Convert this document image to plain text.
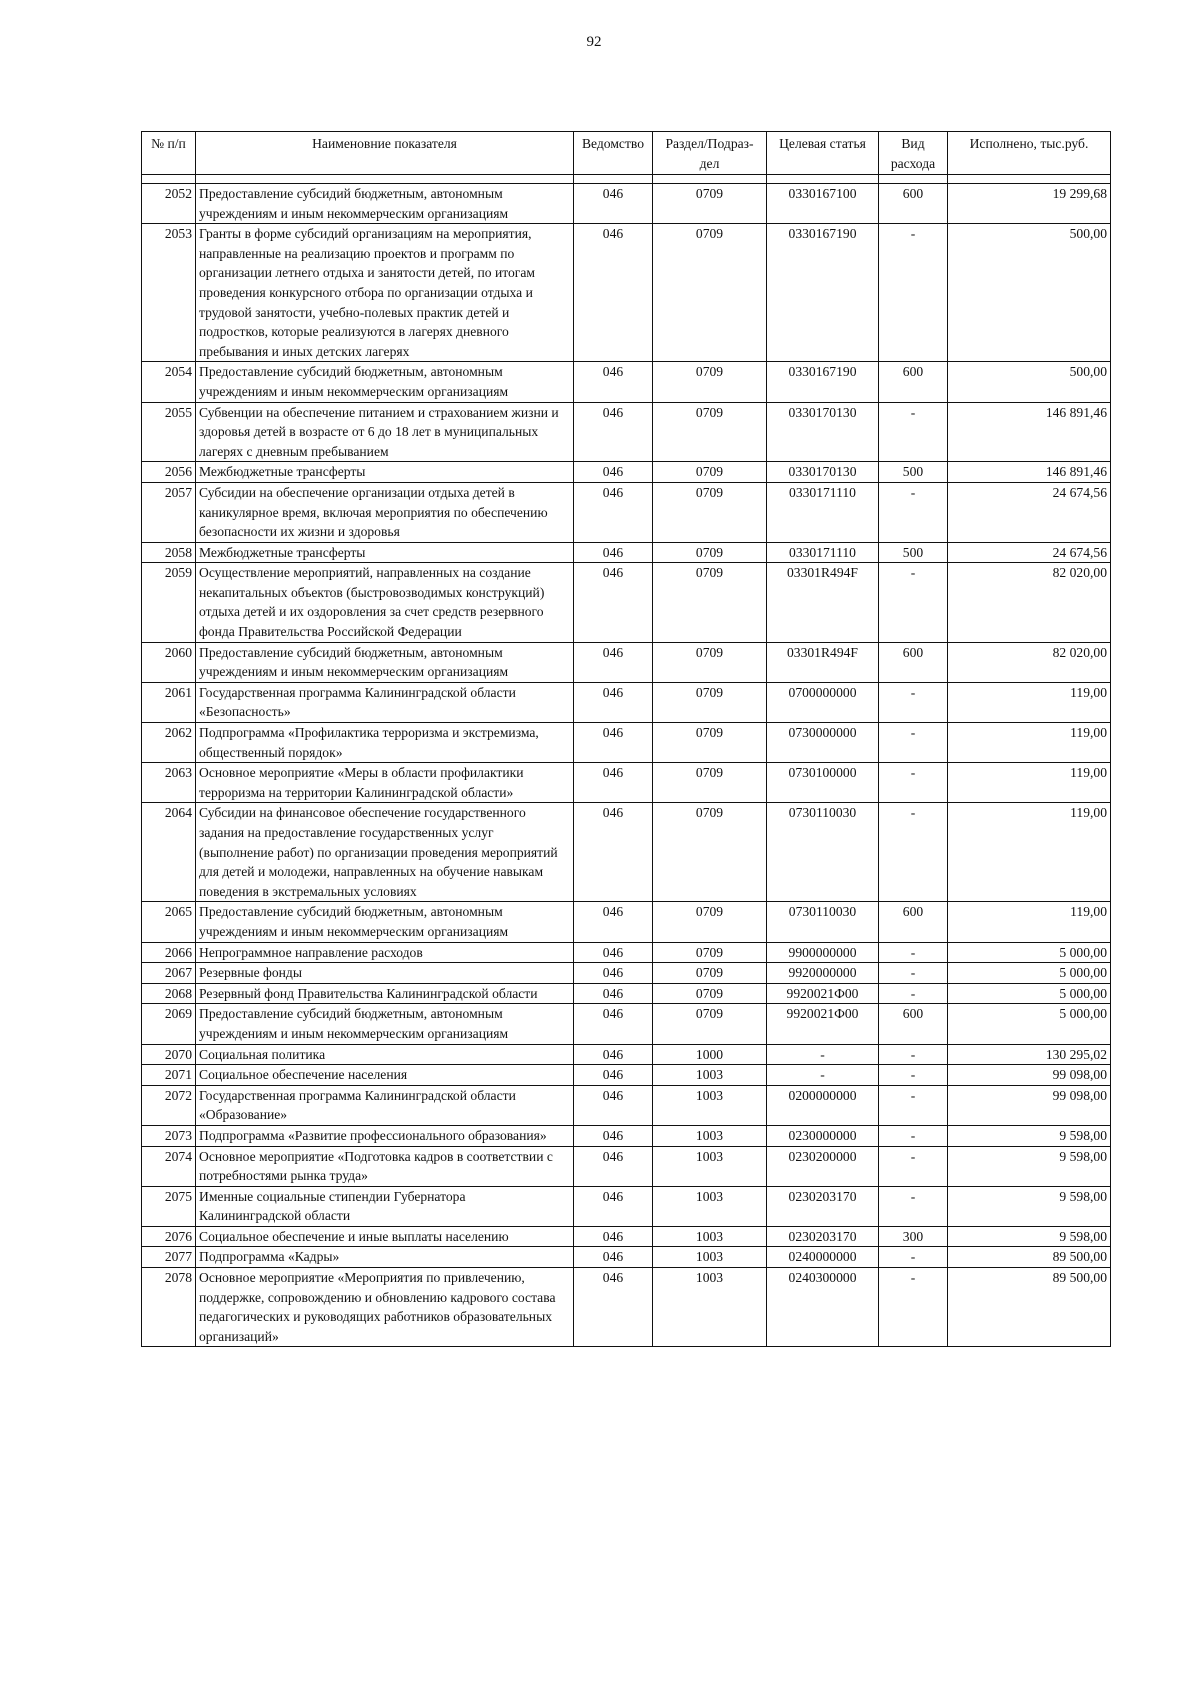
92
№ п/п	Наименовние показателя	Ведомство	Раздел/Подраз-дел	Целевая статья	Вид расхода	Исполнено, тыс.руб.

2052	Предоставление субсидий бюджетным, автономным учреждениям и иным некоммерческим организациям	046	0709	0330167100	600	19 299,68
2053	Гранты в форме субсидий организациям на мероприятия, направленные на реализацию проектов и программ по организации летнего отдыха и занятости детей, по итогам проведения конкурсного отбора по организации отдыха и трудовой занятости, учебно-полевых практик детей и подростков, которые реализуются в лагерях дневного пребывания и иных детских лагерях	046	0709	0330167190	-	500,00
2054	Предоставление субсидий бюджетным, автономным учреждениям и иным некоммерческим организациям	046	0709	0330167190	600	500,00
2055	Субвенции на обеспечение питанием и страхованием жизни и здоровья детей в возрасте от 6 до 18 лет в муниципальных лагерях с дневным пребыванием	046	0709	0330170130	-	146 891,46
2056	Межбюджетные трансферты	046	0709	0330170130	500	146 891,46
2057	Субсидии на обеспечение организации отдыха детей в каникулярное время, включая мероприятия по обеспечению безопасности их жизни и здоровья	046	0709	0330171110	-	24 674,56
2058	Межбюджетные трансферты	046	0709	0330171110	500	24 674,56
2059	Осуществление мероприятий, направленных на создание некапитальных объектов (быстровозводимых конструкций) отдыха детей и их оздоровления за счет средств резервного фонда Правительства Российской Федерации	046	0709	03301R494F	-	82 020,00
2060	Предоставление субсидий бюджетным, автономным учреждениям и иным некоммерческим организациям	046	0709	03301R494F	600	82 020,00
2061	Государственная программа Калининградской области «Безопасность»	046	0709	0700000000	-	119,00
2062	Подпрограмма «Профилактика терроризма и экстремизма, общественный порядок»	046	0709	0730000000	-	119,00
2063	Основное мероприятие «Меры в области профилактики терроризма на территории Калининградской области»	046	0709	0730100000	-	119,00
2064	Субсидии на финансовое обеспечение государственного задания на предоставление государственных услуг (выполнение работ) по организации проведения мероприятий для детей и молодежи, направленных на обучение навыкам поведения в экстремальных условиях	046	0709	0730110030	-	119,00
2065	Предоставление субсидий бюджетным, автономным учреждениям и иным некоммерческим организациям	046	0709	0730110030	600	119,00
2066	Непрограммное направление расходов	046	0709	9900000000	-	5 000,00
2067	Резервные фонды	046	0709	9920000000	-	5 000,00
2068	Резервный фонд Правительства Калининградской области	046	0709	9920021Ф00	-	5 000,00
2069	Предоставление субсидий бюджетным, автономным учреждениям и иным некоммерческим организациям	046	0709	9920021Ф00	600	5 000,00
2070	Социальная политика	046	1000	-	-	130 295,02
2071	Социальное обеспечение населения	046	1003	-	-	99 098,00
2072	Государственная программа Калининградской области «Образование»	046	1003	0200000000	-	99 098,00
2073	Подпрограмма «Развитие профессионального образования»	046	1003	0230000000	-	9 598,00
2074	Основное мероприятие «Подготовка кадров в соответствии с потребностями рынка труда»	046	1003	0230200000	-	9 598,00
2075	Именные социальные стипендии Губернатора Калининградской области	046	1003	0230203170	-	9 598,00
2076	Социальное обеспечение и иные выплаты населению	046	1003	0230203170	300	9 598,00
2077	Подпрограмма «Кадры»	046	1003	0240000000	-	89 500,00
2078	Основное мероприятие «Мероприятия по привлечению, поддержке, сопровождению и обновлению кадрового состава педагогических и руководящих работников образовательных организаций»	046	1003	0240300000	-	89 500,00
